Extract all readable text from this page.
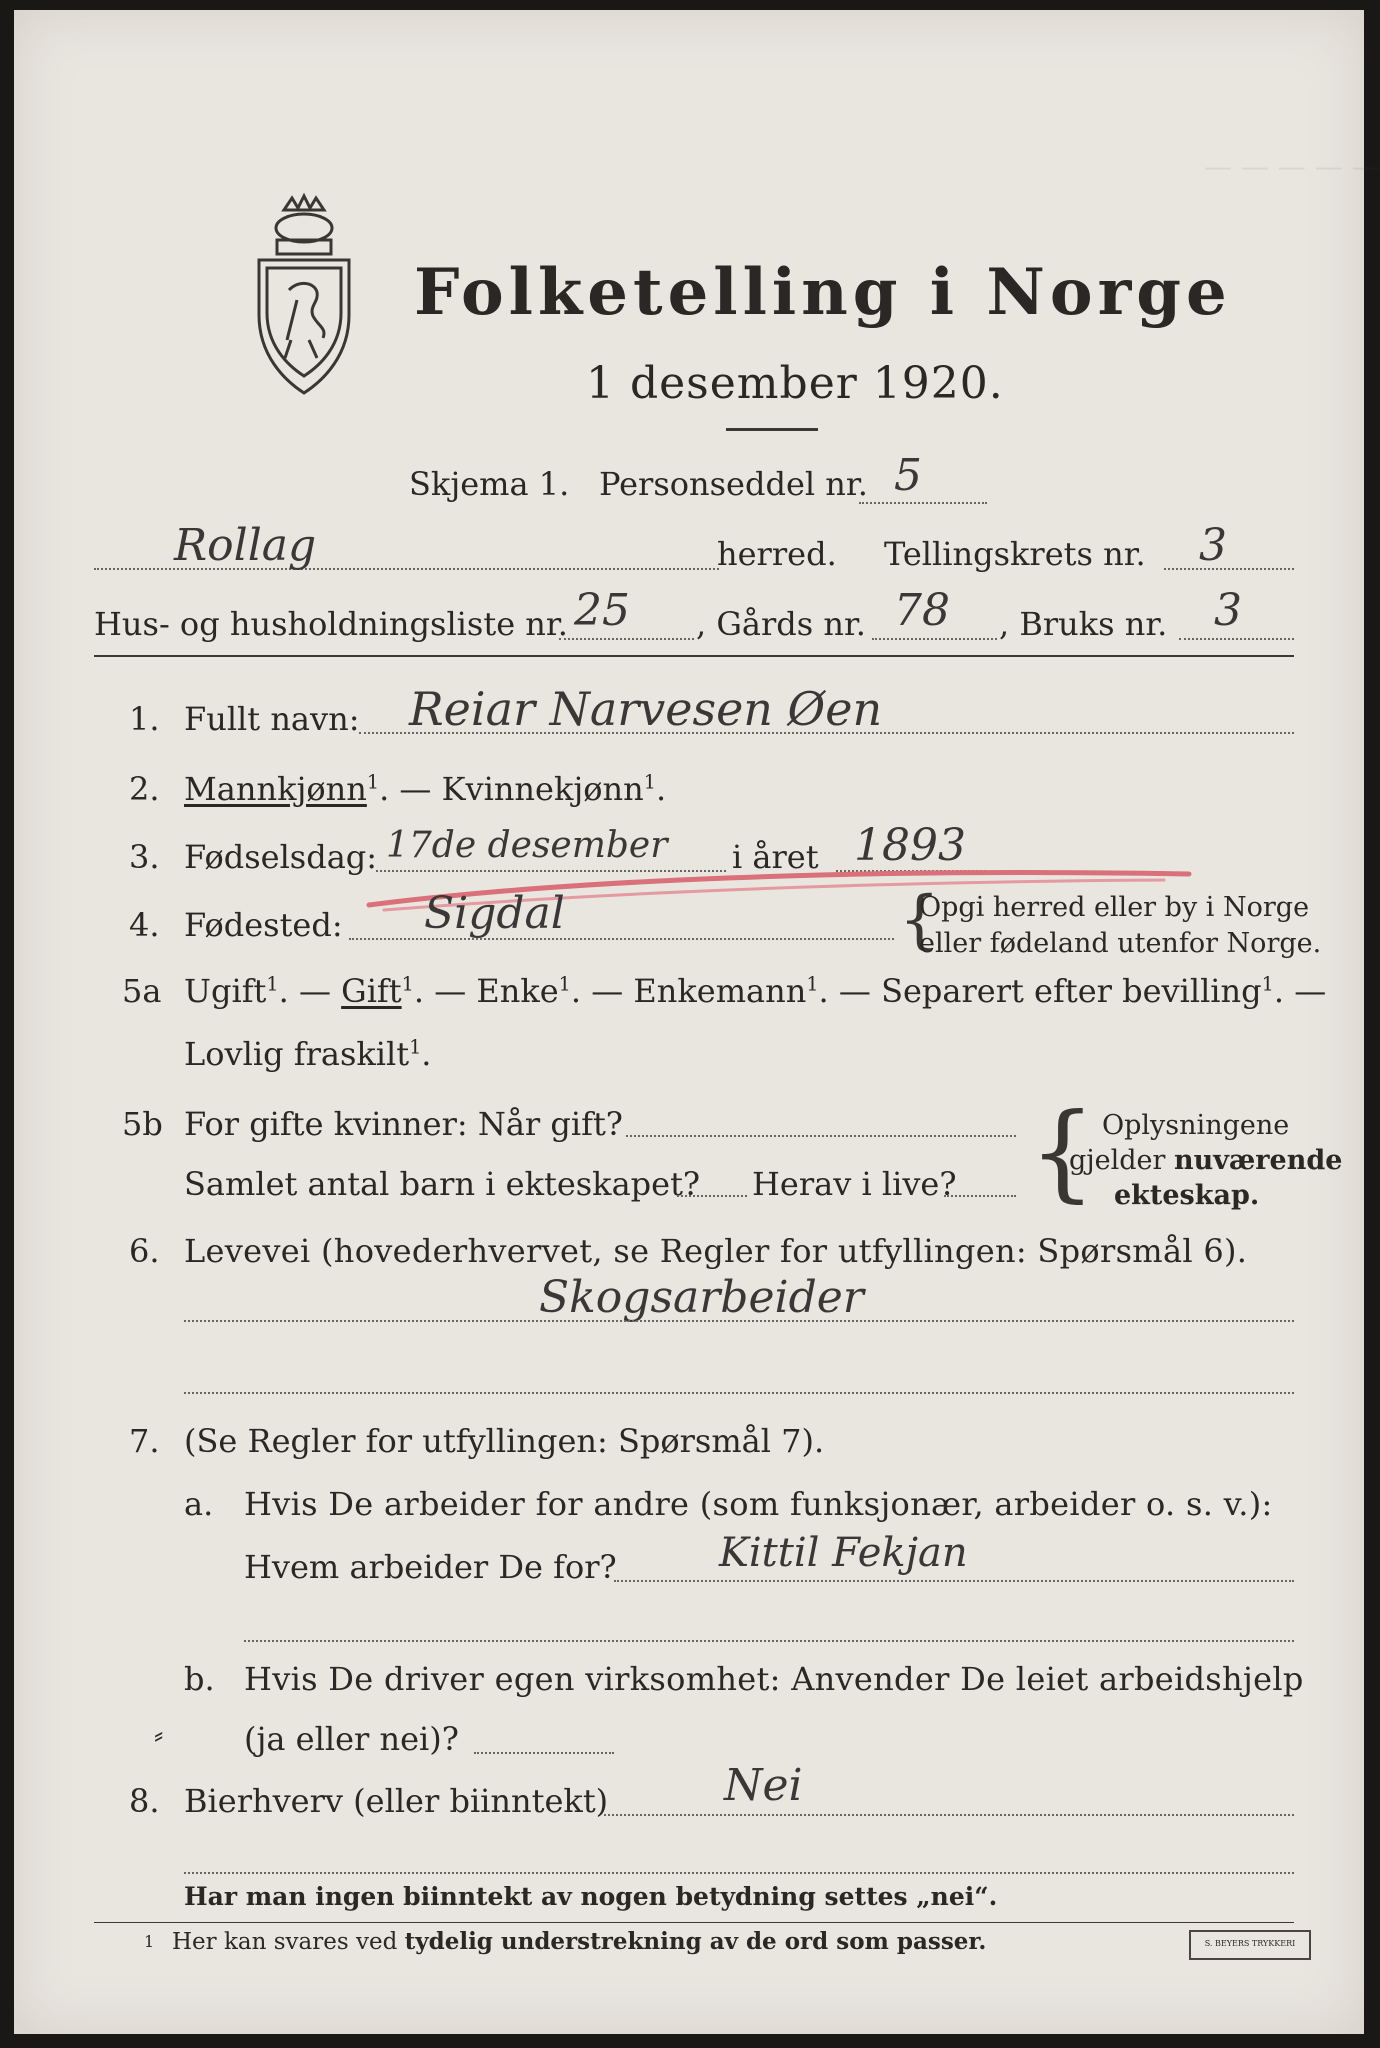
— — — — —
Folketelling i Norge
1 desember 1920.
Skjema 1. Personseddel nr. 5
Rollag	herred. Tellingskrets nr. 3
Hus- og husholdningsliste nr. 25 , Gårds nr. 78 , Bruks nr. 3
1. Fullt navn: Reiar Narvesen Øen
2. Mannkjønn$^1$. — Kvinnekjønn$^1$.
3. Fødselsdag: 17de desember i året 1893
4. Fødested: Sigdal	{
Opgi herred eller by i Norge
eller fødeland utenfor Norge.
5a Ugift$^1$. — Gift$^1$. — Enke$^1$. — Enkemann$^1$. — Separert efter bevilling$^1$. —
Lovlig fraskilt$^1$.
5b For gifte kvinner: Når gift?
Samlet antal barn i ekteskapet? Herav i live? { Oplysningene
gjelder nuværende
ekteskap.
6. Levevei (hovederhvervet, se Regler for utfyllingen: Spørsmål 6).
Skogsarbeider
7. (Se Regler for utfyllingen: Spørsmål 7).
a. Hvis De arbeider for andre (som funksjonær, arbeider o. s. v.):
Hvem arbeider De for?	Kittil Fekjan
b. Hvis De driver egen virksomhet: Anvender De leiet arbeidshjelp
⸗	(ja eller nei)?
8. Bierhverv (eller biinntekt)	Nei
Har man ingen biinntekt av nogen betydning settes „nei“.
1 Her kan svares ved tydelig understrekning av de ord som passer.	S. BEYERS TRYKKERI
